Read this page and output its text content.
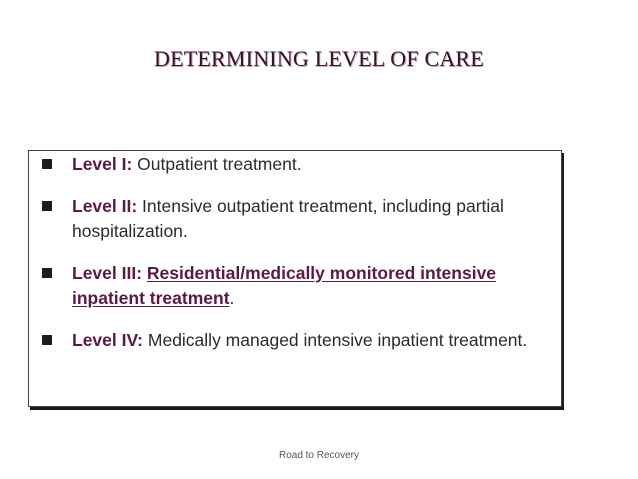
DETERMINING LEVEL OF CARE
Level I: Outpatient treatment.
Level II: Intensive outpatient treatment, including partial hospitalization.
Level III: Residential/medically monitored intensive inpatient treatment.
Level IV: Medically managed intensive inpatient treatment.
Road to Recovery
